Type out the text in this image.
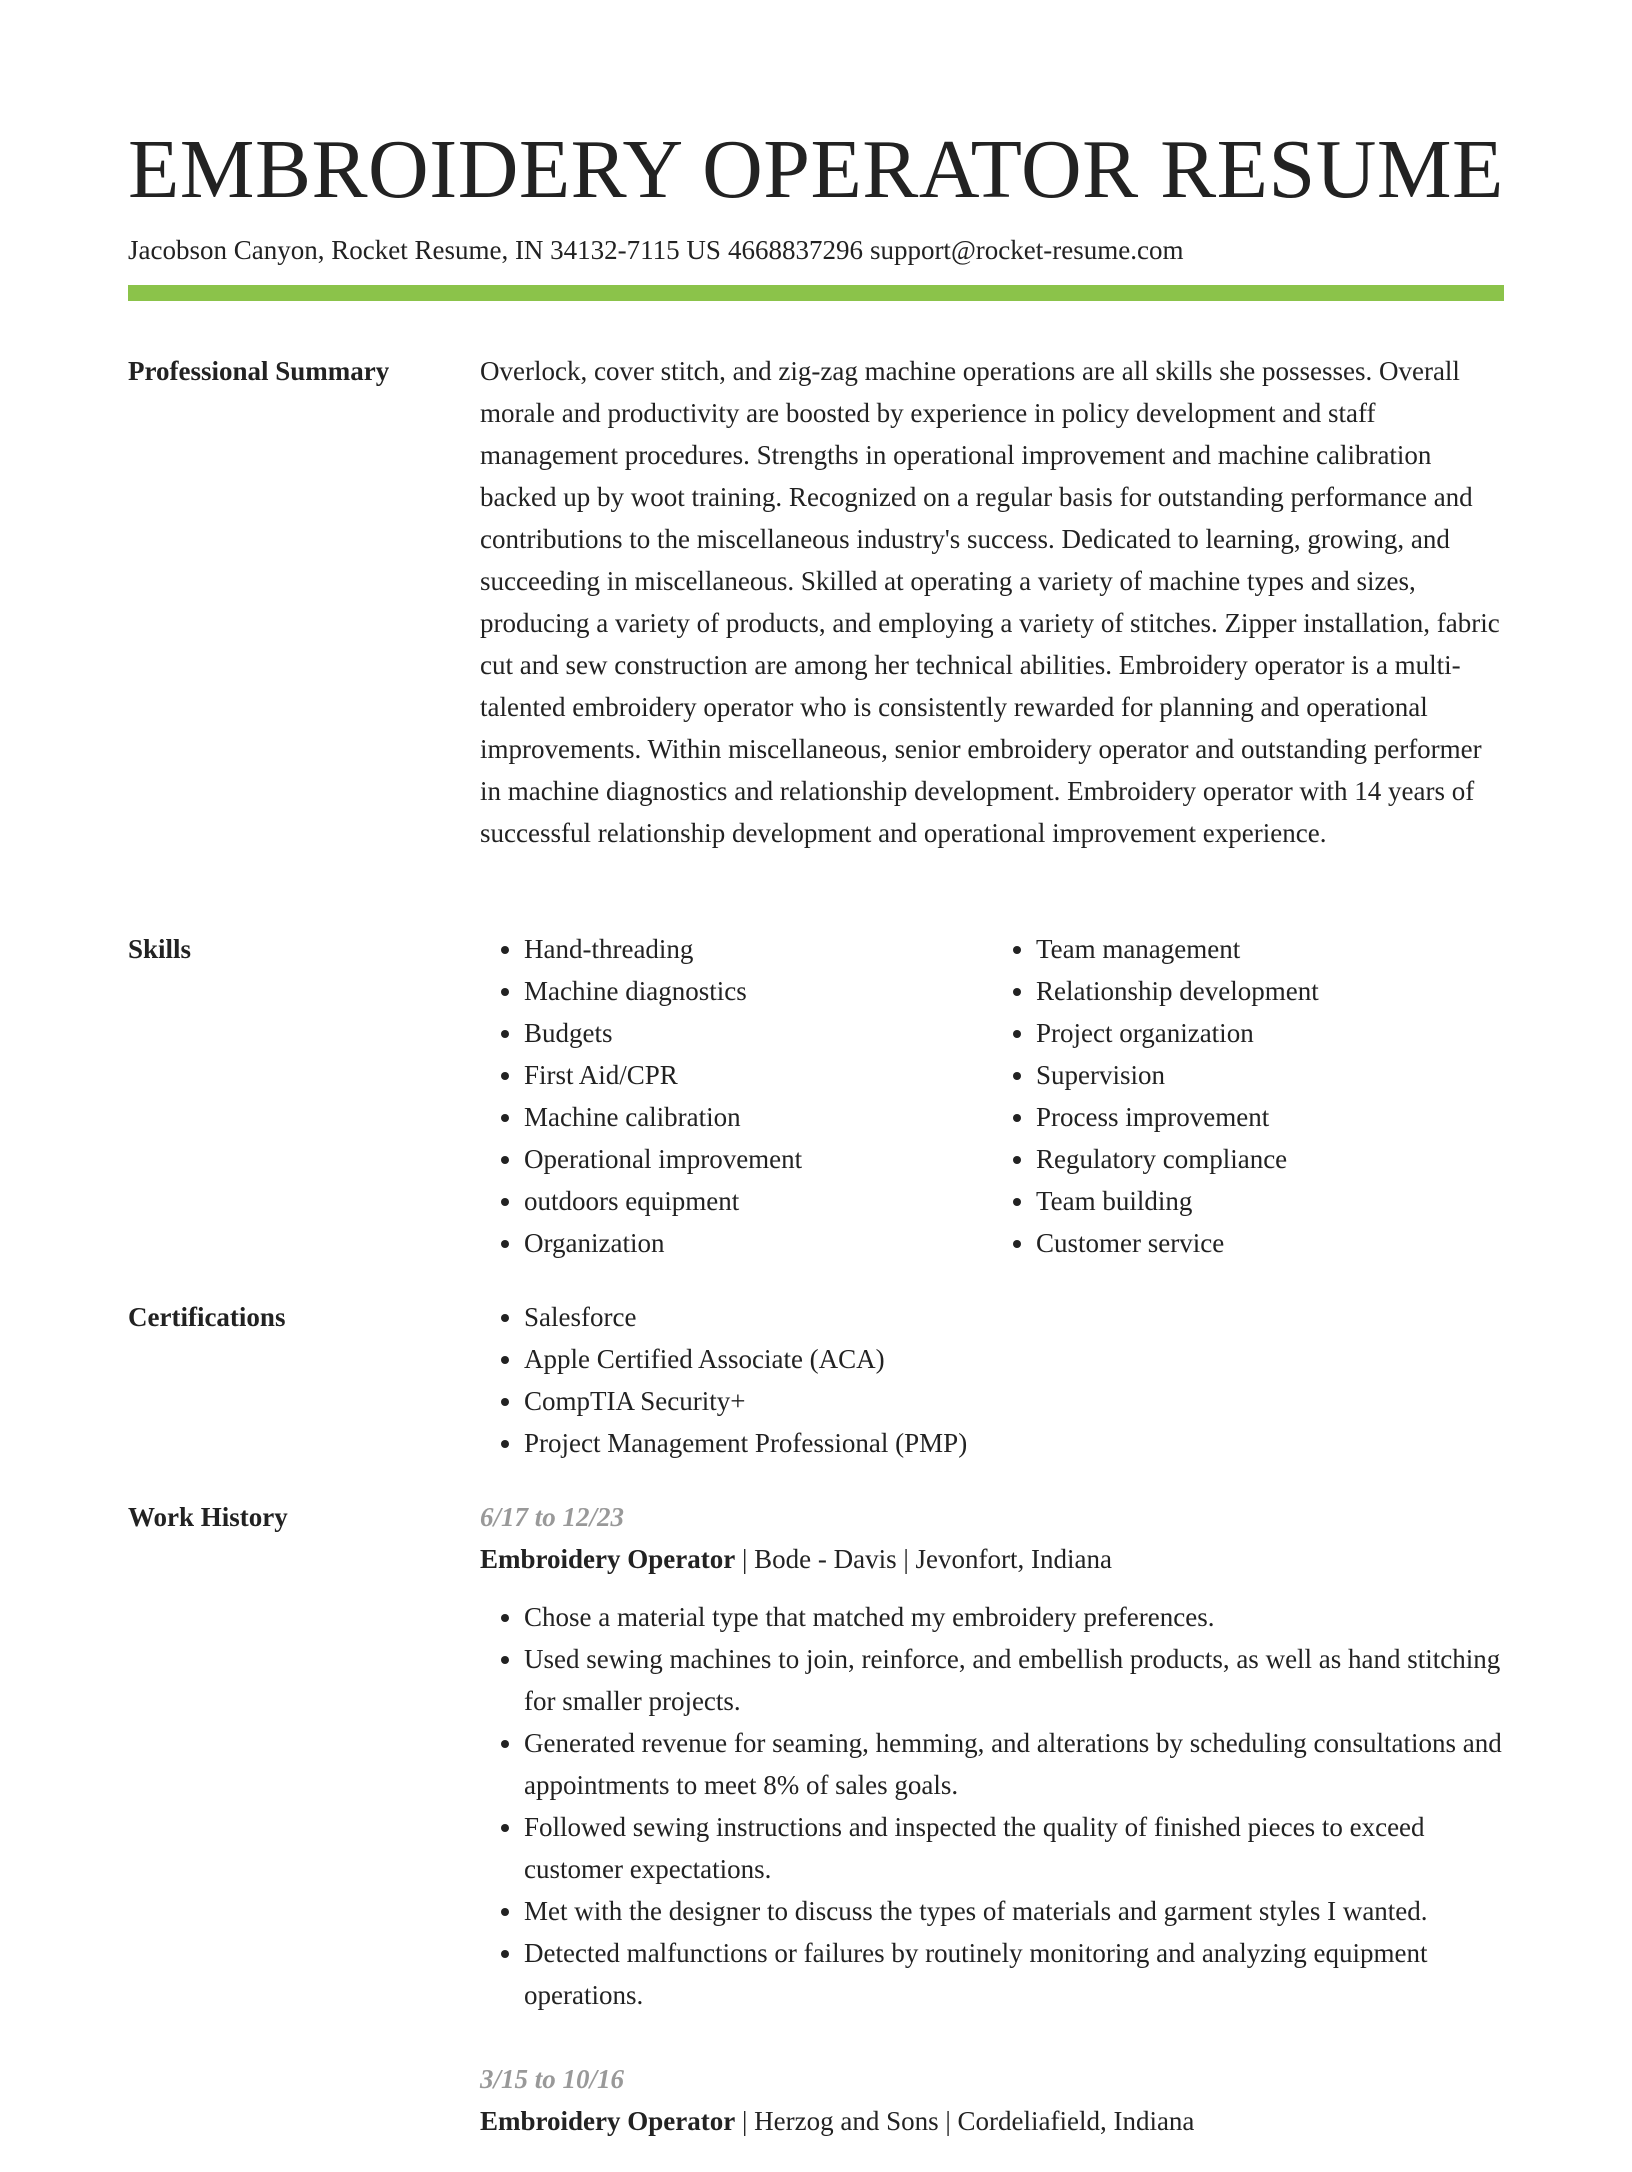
EMBROIDERY OPERATOR RESUME
Jacobson Canyon, Rocket Resume, IN 34132-7115 US 4668837296 support@rocket-resume.com
Professional Summary	Overlock, cover stitch, and zig-zag machine operations are all skills she possesses. Overall morale and productivity are boosted by experience in policy development and staff management procedures. Strengths in operational improvement and machine calibration backed up by woot training. Recognized on a regular basis for outstanding performance and contributions to the miscellaneous industry's success. Dedicated to learning, growing, and succeeding in miscellaneous. Skilled at operating a variety of machine types and sizes, producing a variety of products, and employing a variety of stitches. Zipper installation, fabric cut and sew construction are among her technical abilities. Embroidery operator is a multi-talented embroidery operator who is consistently rewarded for planning and operational improvements. Within miscellaneous, senior embroidery operator and outstanding performer in machine diagnostics and relationship development. Embroidery operator with 14 years of successful relationship development and operational improvement experience.

Skills	• Hand-threading
• Machine diagnostics
• Budgets
• First Aid/CPR
• Machine calibration
• Operational improvement
• outdoors equipment
• Organization
• Team management
• Relationship development
• Project organization
• Supervision
• Process improvement
• Regulatory compliance
• Team building
• Customer service
Certifications	• Salesforce
• Apple Certified Associate (ACA)
• CompTIA Security+
• Project Management Professional (PMP)
Work History	6/17 to 12/23
Embroidery Operator | Bode - Davis | Jevonfort, Indiana
• Chose a material type that matched my embroidery preferences.
• Used sewing machines to join, reinforce, and embellish products, as well as hand stitching for smaller projects.
• Generated revenue for seaming, hemming, and alterations by scheduling consultations and appointments to meet 8% of sales goals.
• Followed sewing instructions and inspected the quality of finished pieces to exceed customer expectations.
• Met with the designer to discuss the types of materials and garment styles I wanted.
• Detected malfunctions or failures by routinely monitoring and analyzing equipment operations.
3/15 to 10/16
Embroidery Operator | Herzog and Sons | Cordeliafield, Indiana
